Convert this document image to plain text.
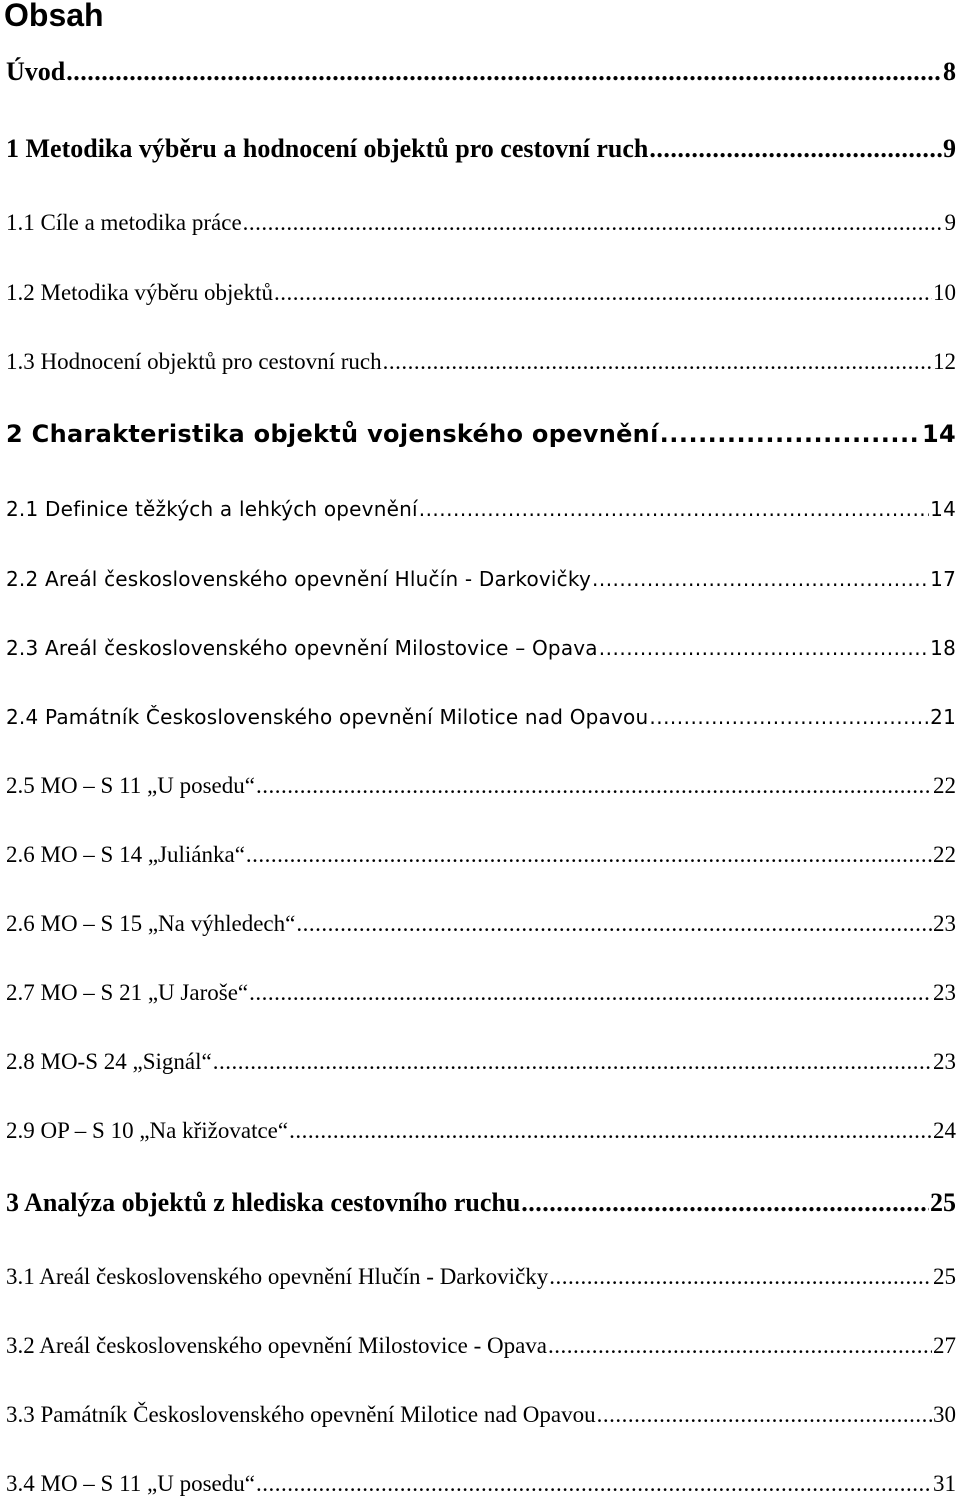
Obsah
Úvod .....	8
1 Metodika výběru a hodnocení objektů pro cestovní ruch .....	9
1.1 Cíle a metodika práce .....	9
1.2 Metodika výběru objektů .....	10
1.3 Hodnocení objektů pro cestovní ruch .....	12
2 Charakteristika objektů vojenského opevnění .....	14
2.1 Definice těžkých a lehkých opevnění .....	14
2.2 Areál československého opevnění Hlučín - Darkovičky .....	17
2.3 Areál československého opevnění Milostovice – Opava .....	18
2.4 Památník Československého opevnění Milotice nad Opavou .....	21
2.5 MO – S 11 „U posedu“ .....	22
2.6 MO – S 14 „Juliánka“ .....	22
2.6 MO – S 15 „Na výhledech“ .....	23
2.7 MO – S 21 „U Jaroše“ .....	23
2.8 MO-S 24 „Signál“ .....	23
2.9 OP – S 10 „Na křižovatce“ .....	24
3 Analýza objektů z hlediska cestovního ruchu .....	25
3.1 Areál československého opevnění Hlučín - Darkovičky .....	25
3.2 Areál československého opevnění Milostovice - Opava .....	27
3.3 Památník Československého opevnění Milotice nad Opavou .....	30
3.4 MO – S 11 „U posedu“ .....	31
